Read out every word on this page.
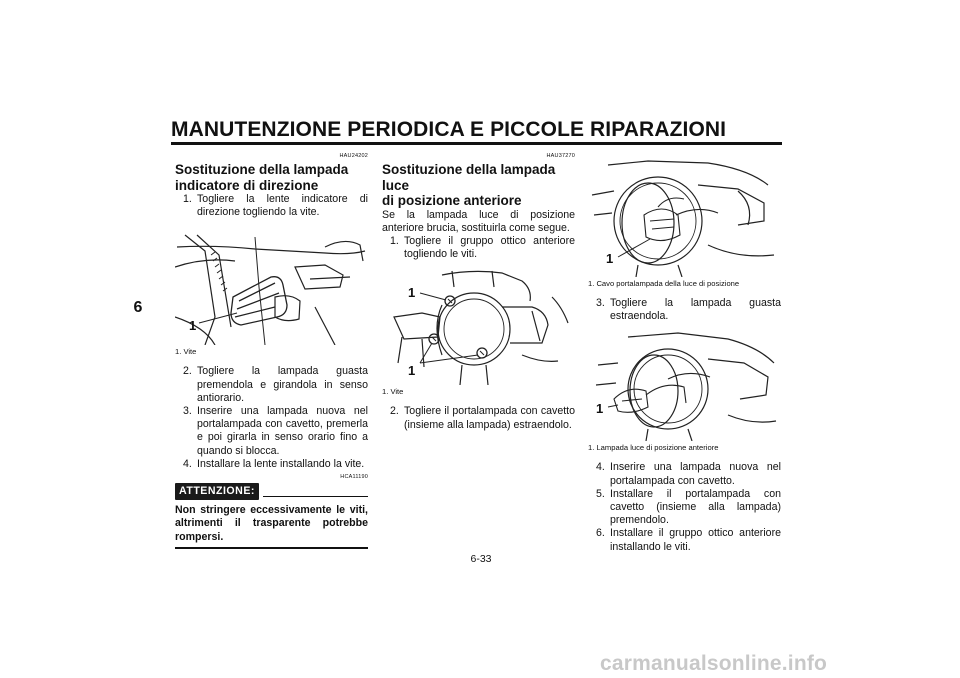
MANUTENZIONE PERIODICA E PICCOLE RIPARAZIONI
6
HAU24202
Sostituzione della lampada
indicatore di direzione
1. Togliere la lente indicatore di direzione togliendo la vite.
1
1. Vite
2. Togliere la lampada guasta premendola e girandola in senso antiorario.
3. Inserire una lampada nuova nel portalampada con cavetto, premerla e poi girarla in senso orario fino a quando si blocca.
4. Installare la lente installando la vite.
HCA11190
ATTENZIONE:
Non stringere eccessivamente le viti, altrimenti il trasparente potrebbe rompersi.
HAU37270
Sostituzione della lampada luce
di posizione anteriore

Se la lampada luce di posizione anteriore brucia, sostituirla come segue.

1. Togliere il gruppo ottico anteriore togliendo le viti.
1
1
1. Vite
2. Togliere il portalampada con cavetto (insieme alla lampada) estraendolo.
1
1. Cavo portalampada della luce di posizione
3. Togliere la lampada guasta estraendola.
1
1. Lampada luce di posizione anteriore
4. Inserire una lampada nuova nel portalampada con cavetto.
5. Installare il portalampada con cavetto (insieme alla lampada) premendolo.
6. Installare il gruppo ottico anteriore installando le viti.
6-33
carmanualsonline.info
